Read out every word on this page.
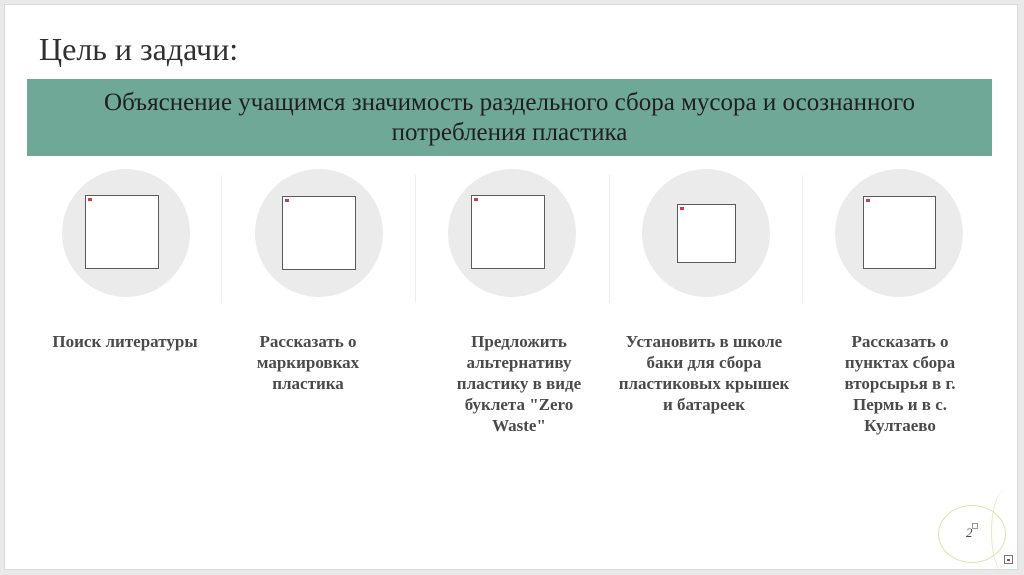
Цель и задачи:
Объяснение учащимся значимость раздельного сбора мусора и осознанного потребления пластика
Поиск литературы	Рассказать о маркировках пластика
Предложить альтернативу пластику в виде буклета "Zero Waste"
Установить в школе баки для сбора пластиковых крышек и батареек
Рассказать о пунктах сбора вторсырья в г. Пермь и в с. Култаево
2
